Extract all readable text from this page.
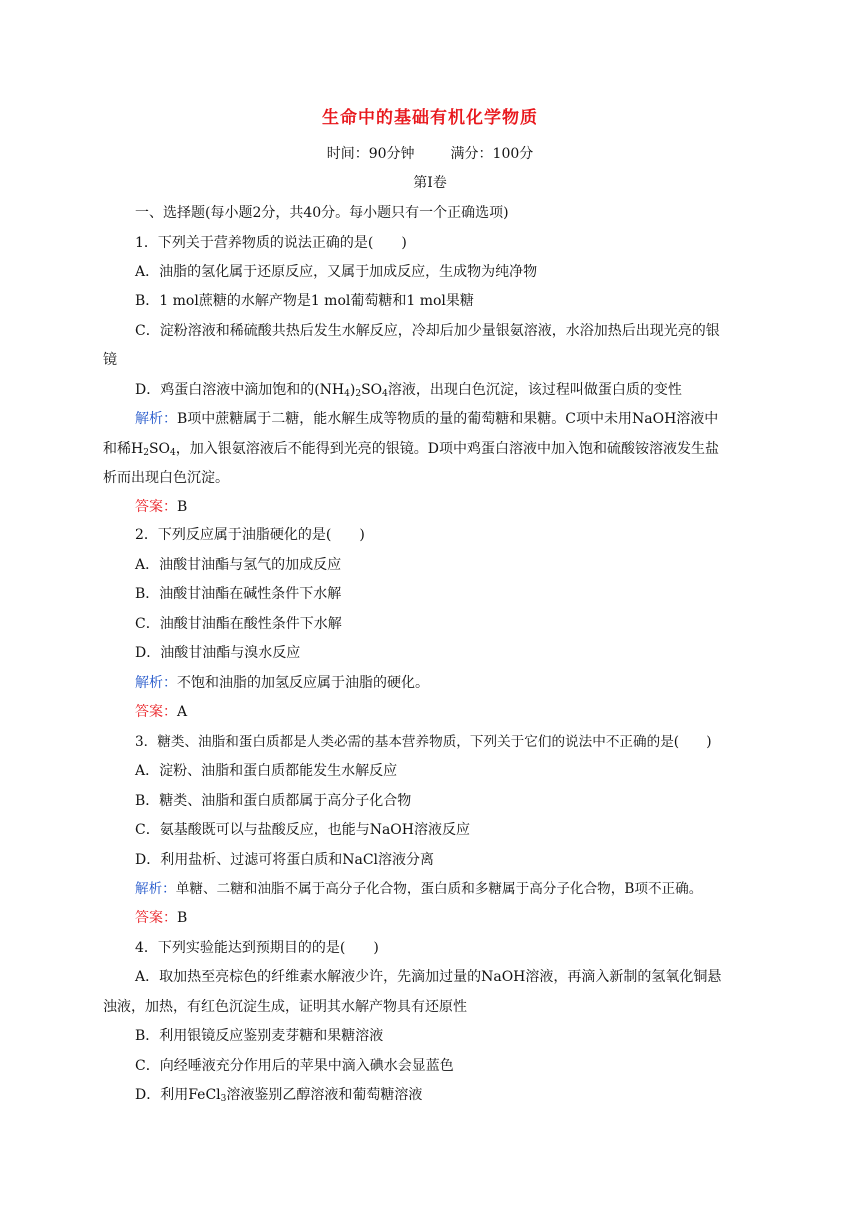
生命中的基础有机化学物质
时间：90分钟	满分：100分
第Ⅰ卷
一、选择题(每小题2分，共40分。每小题只有一个正确选项)
1．下列关于营养物质的说法正确的是(　　)
A．油脂的氢化属于还原反应，又属于加成反应，生成物为纯净物
B．1 mol蔗糖的水解产物是1 mol葡萄糖和1 mol果糖
C．淀粉溶液和稀硫酸共热后发生水解反应，冷却后加少量银氨溶液，水浴加热后出现光亮的银
镜
D．鸡蛋白溶液中滴加饱和的$(NH_4)_2SO_4$溶液，出现白色沉淀，该过程叫做蛋白质的变性
解析：B项中蔗糖属于二糖，能水解生成等物质的量的葡萄糖和果糖。C项中未用NaOH溶液中
和稀$H_2SO_4$，加入银氨溶液后不能得到光亮的银镜。D项中鸡蛋白溶液中加入饱和硫酸铵溶液发生盐
析而出现白色沉淀。
答案：B
2．下列反应属于油脂硬化的是(　　)
A．油酸甘油酯与氢气的加成反应
B．油酸甘油酯在碱性条件下水解
C．油酸甘油酯在酸性条件下水解
D．油酸甘油酯与溴水反应
解析：不饱和油脂的加氢反应属于油脂的硬化。
答案：A
3．糖类、油脂和蛋白质都是人类必需的基本营养物质，下列关于它们的说法中不正确的是(　　)
A．淀粉、油脂和蛋白质都能发生水解反应
B．糖类、油脂和蛋白质都属于高分子化合物
C．氨基酸既可以与盐酸反应，也能与NaOH溶液反应
D．利用盐析、过滤可将蛋白质和NaCl溶液分离
解析：单糖、二糖和油脂不属于高分子化合物，蛋白质和多糖属于高分子化合物，B项不正确。
答案：B
4．下列实验能达到预期目的的是(　　)
A．取加热至亮棕色的纤维素水解液少许，先滴加过量的NaOH溶液，再滴入新制的氢氧化铜悬
浊液，加热，有红色沉淀生成，证明其水解产物具有还原性
B．利用银镜反应鉴别麦芽糖和果糖溶液
C．向经唾液充分作用后的苹果中滴入碘水会显蓝色
D．利用FeCl$_3$溶液鉴别乙醇溶液和葡萄糖溶液
